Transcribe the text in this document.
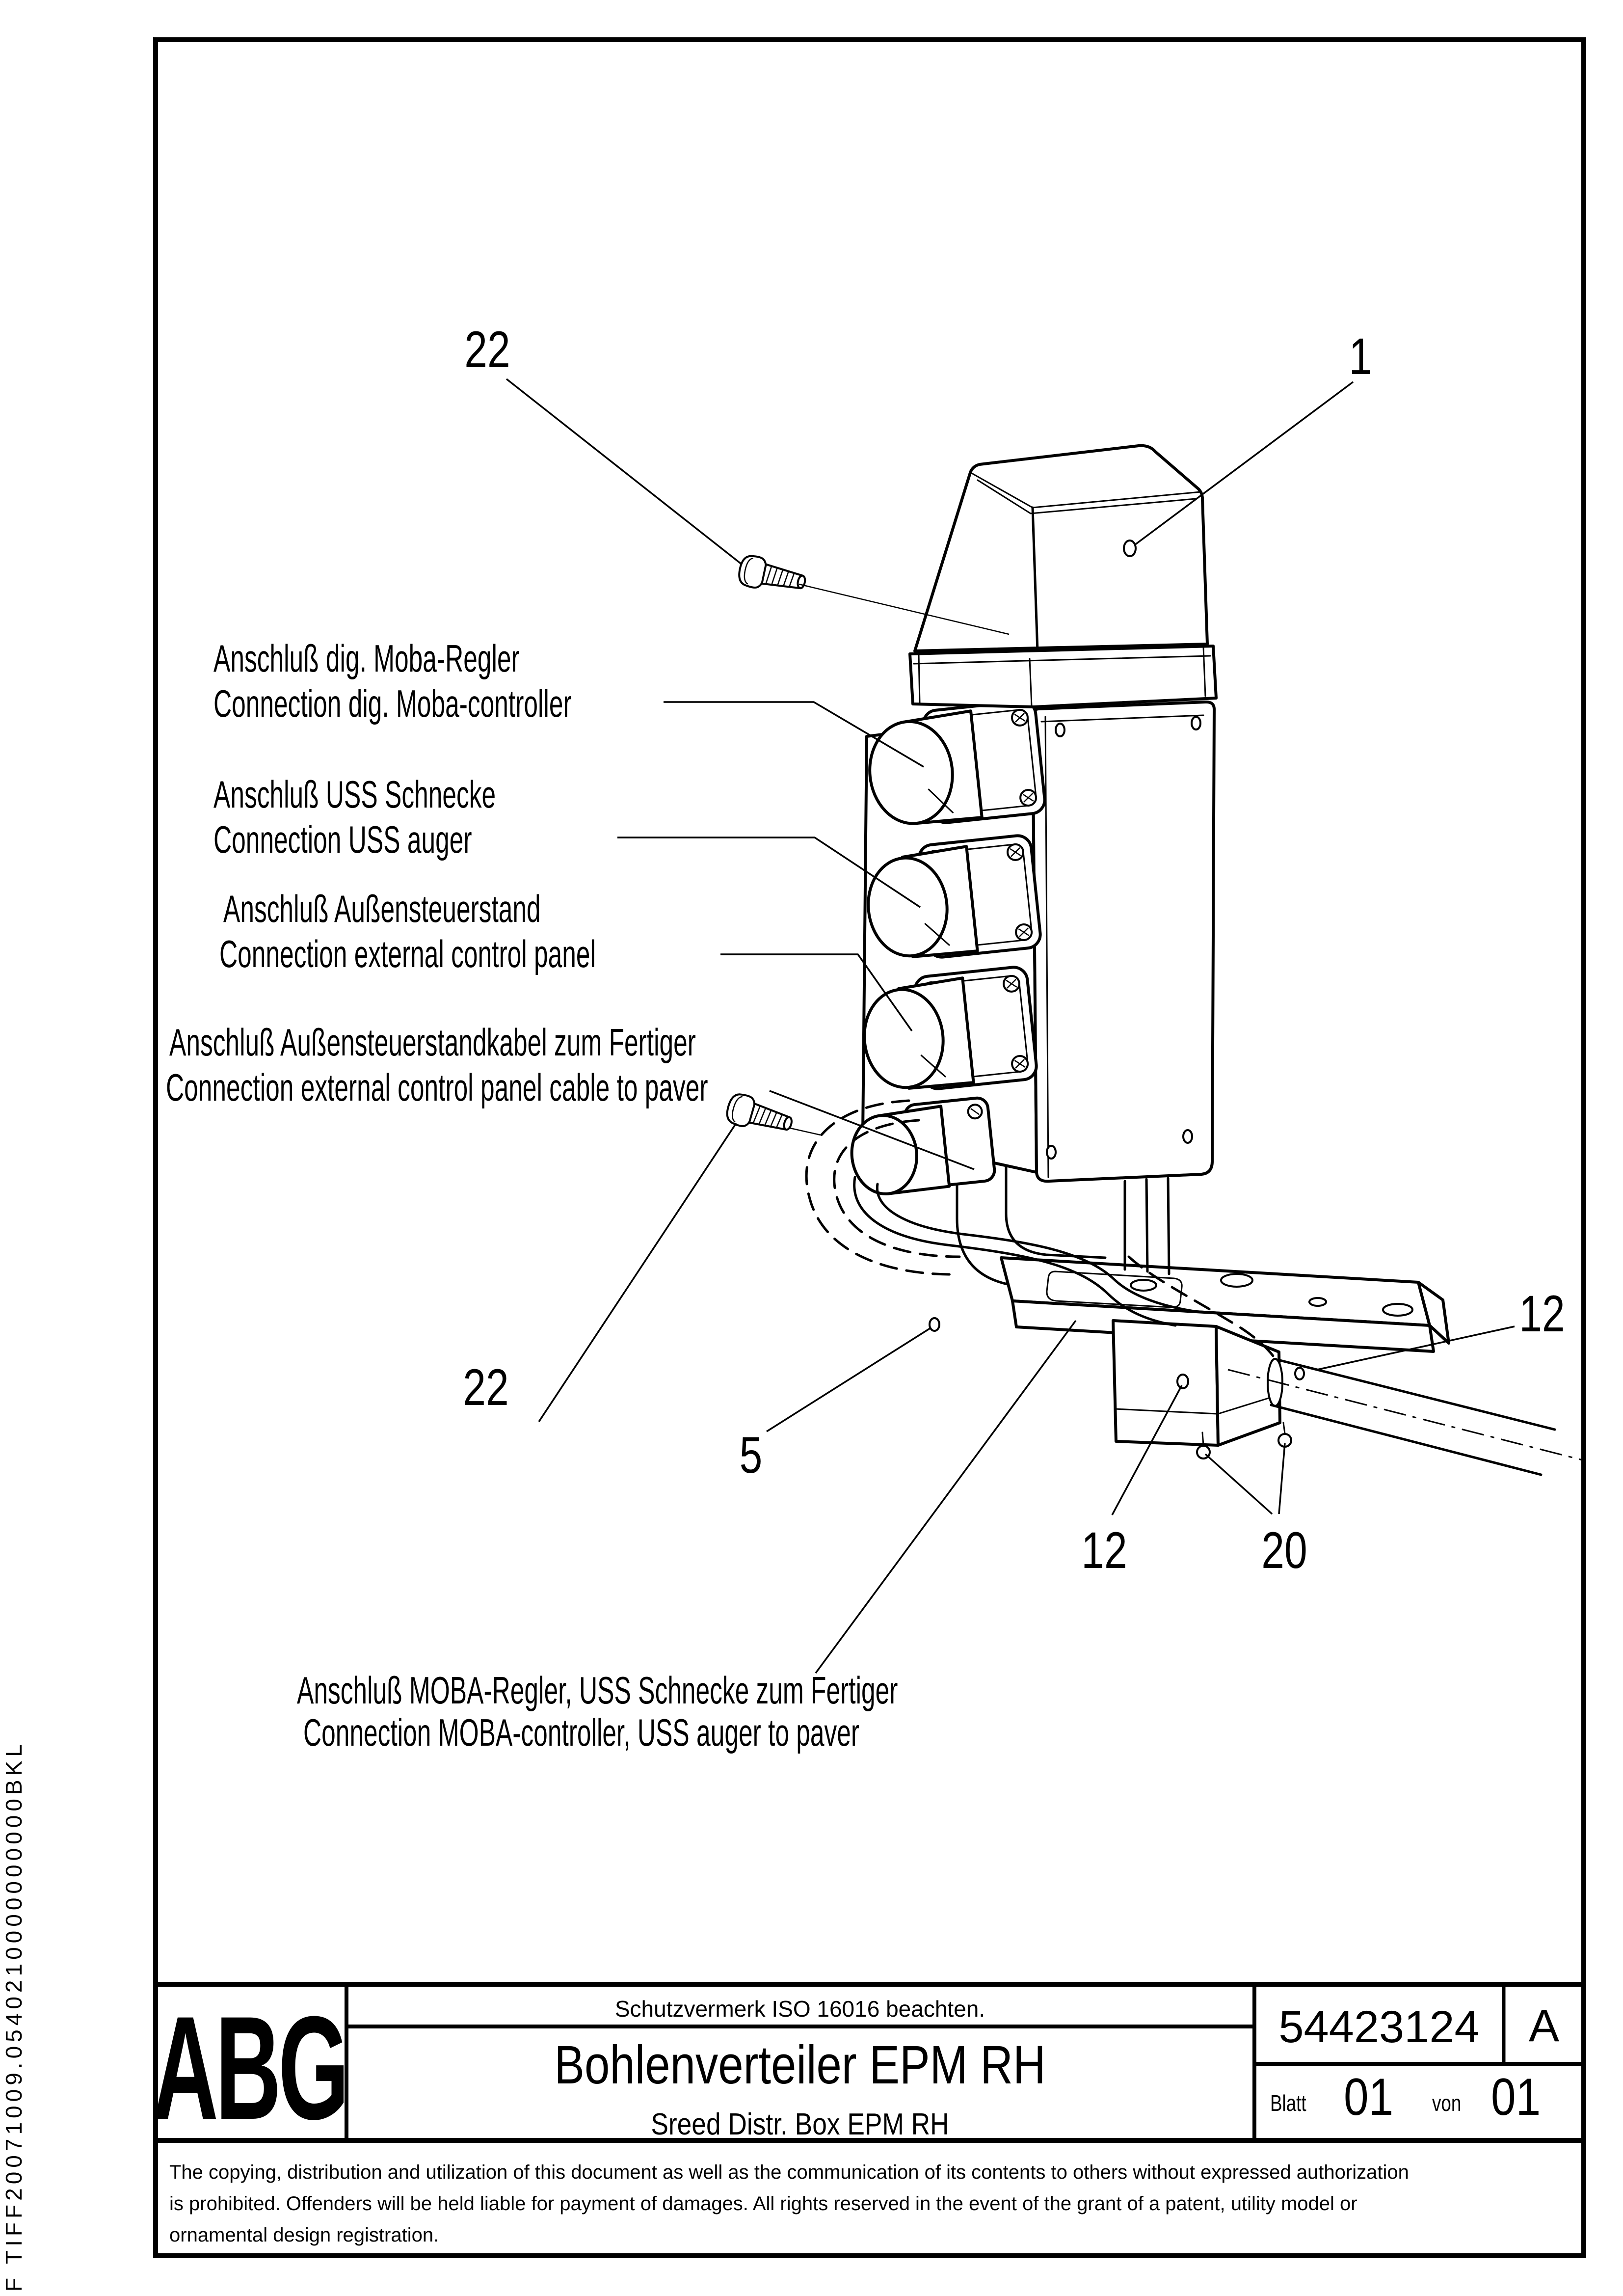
F TIFF20071009.0540210000000000BKL
22	1
22
5
12	20
12
Anschluß dig. Moba-Regler
Connection dig. Moba-controller
Anschluß USS Schnecke
Connection USS auger
Anschluß Außensteuerstand
Connection external control panel
Anschluß Außensteuerstandkabel zum Fertiger
Connection external control panel cable to paver
Anschluß MOBA-Regler, USS Schnecke zum Fertiger
Connection MOBA-controller, USS auger to paver
ABG	Schutzvermerk ISO 16016 beachten.
Bohlenverteiler EPM RH
Sreed Distr. Box EPM RH
54423124 A
Blatt 01 von 01
The copying, distribution and utilization of this document as well as the communication of its contents to others without expressed authorization
is prohibited. Offenders will be held liable for payment of damages. All rights reserved in the event of the grant of a patent, utility model or
ornamental design registration.
